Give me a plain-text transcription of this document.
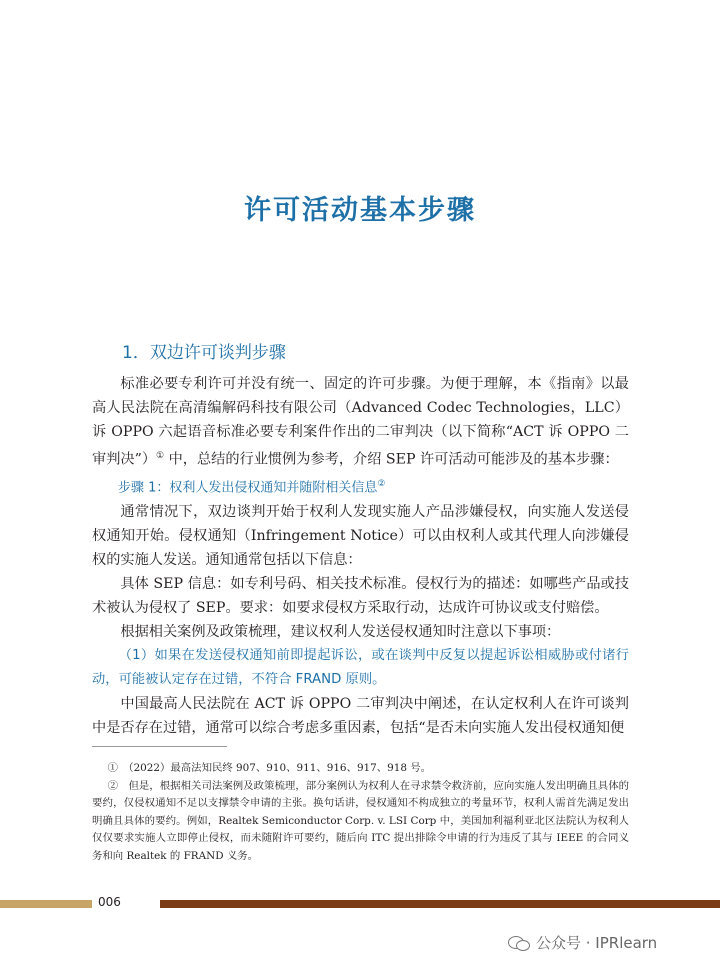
许可活动基本步骤
1．双边许可谈判步骤

标准必要专利许可并没有统一、固定的许可步骤。为便于理解，本《指南》以最高人民法院在高清编解码科技有限公司（Advanced Codec Technologies，LLC）诉 OPPO 六起语音标准必要专利案件作出的二审判决（以下简称“ACT 诉 OPPO 二审判决”）① 中，总结的行业惯例为参考，介绍 SEP 许可活动可能涉及的基本步骤：

步骤 1：权利人发出侵权通知并随附相关信息②

通常情况下，双边谈判开始于权利人发现实施人产品涉嫌侵权，向实施人发送侵权通知开始。侵权通知（Infringement Notice）可以由权利人或其代理人向涉嫌侵权的实施人发送。通知通常包括以下信息：

具体 SEP 信息：如专利号码、相关技术标准。侵权行为的描述：如哪些产品或技术被认为侵权了 SEP。要求：如要求侵权方采取行动，达成许可协议或支付赔偿。

根据相关案例及政策梳理，建议权利人发送侵权通知时注意以下事项：

（1）如果在发送侵权通知前即提起诉讼，或在谈判中反复以提起诉讼相威胁或付诸行动，可能被认定存在过错，不符合 FRAND 原则。

中国最高人民法院在 ACT 诉 OPPO 二审判决中阐述，在认定权利人在许可谈判中是否存在过错，通常可以综合考虑多重因素，包括“是否未向实施人发出侵权通知便

①　 （2022）最高法知民终 907、910、911、916、917、918 号。

②　 但是，根据相关司法案例及政策梳理，部分案例认为权利人在寻求禁令救济前，应向实施人发出明确且具体的要约，仅侵权通知不足以支撑禁令申请的主张。换句话讲，侵权通知不构成独立的考量环节，权利人需首先满足发出明确且具体的要约。例如，Realtek Semiconductor Corp. v. LSI Corp 中，美国加利福利亚北区法院认为权利人仅仅要求实施人立即停止侵权，而未随附许可要约，随后向 ITC 提出排除令申请的行为违反了其与 IEEE 的合同义务和向 Realtek 的 FRAND 义务。

006
公众号 · IPRlearn
